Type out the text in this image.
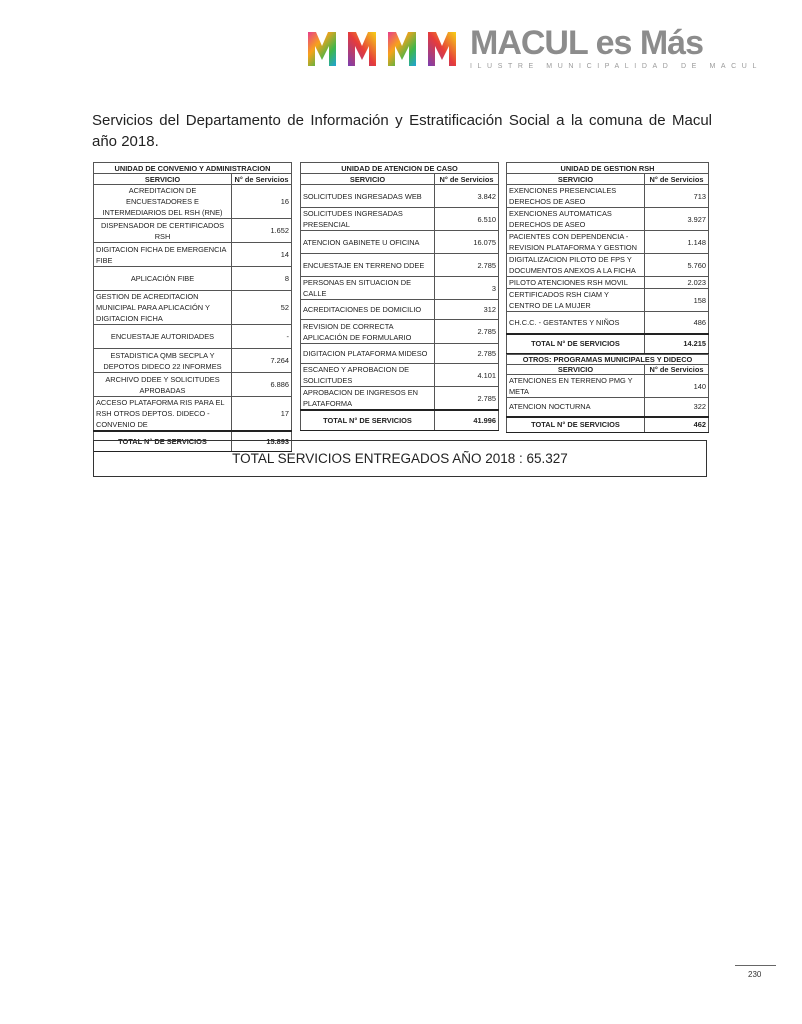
MACUL es Más
ILUSTRE MUNICIPALIDAD DE MACUL
Servicios del Departamento de Información y Estratificación Social a la comuna de Macul año 2018.
UNIDAD DE CONVENIO Y ADMINISTRACION	
SERVICIO	N° de Servicios
ACREDITACION DE ENCUESTADORES E INTERMEDIARIOS DEL RSH (RNE)	16
DISPENSADOR DE CERTIFICADOS RSH	1.652
DIGITACION FICHA DE EMERGENCIA FIBE	14
APLICACIÓN FIBE	8
GESTION DE ACREDITACION MUNICIPAL PARA APLICACIÓN Y DIGITACION FICHA	52
ENCUESTAJE AUTORIDADES	-
ESTADISTICA QMB SECPLA Y DEPOTOS DIDECO 22 INFORMES	7.264
ARCHIVO DDEE Y SOLICITUDES APROBADAS	6.886
ACCESO PLATAFORMA RIS PARA EL RSH OTROS DEPTOS. DIDECO - CONVENIO DE	17
TOTAL N° DE SERVICIOS	15.893
UNIDAD DE ATENCION DE CASO	
SERVICIO	N° de Servicios
SOLICITUDES INGRESADAS WEB	3.842
SOLICITUDES INGRESADAS PRESENCIAL	6.510
ATENCION GABINETE U OFICINA	16.075
ENCUESTAJE EN TERRENO DDEE	2.785
PERSONAS EN SITUACION DE CALLE	3
ACREDITACIONES DE DOMICILIO	312
REVISION DE CORRECTA APLICACIÓN DE FORMULARIO	2.785
DIGITACION PLATAFORMA MIDESO	2.785
ESCANEO Y APROBACION DE SOLICITUDES	4.101
APROBACION DE INGRESOS EN PLATAFORMA	2.785
TOTAL N° DE SERVICIOS	41.996
UNIDAD DE GESTION RSH	
SERVICIO	N° de Servicios
EXENCIONES PRESENCIALES DERECHOS DE ASEO	713
EXENCIONES AUTOMATICAS DERECHOS DE ASEO	3.927
PACIENTES CON DEPENDENCIA - REVISION PLATAFORMA Y GESTION	1.148
DIGITALIZACION PILOTO DE FPS Y DOCUMENTOS ANEXOS A LA FICHA	5.760
PILOTO ATENCIONES RSH MOVIL	2.023
CERTIFICADOS RSH CIAM Y CENTRO DE LA MUJER	158
CH.C.C. - GESTANTES Y NIÑOS	486
TOTAL N° DE SERVICIOS	14.215
OTROS: PROGRAMAS MUNICIPALES Y DIDECO	
SERVICIO	N° de Servicios
ATENCIONES EN TERRENO PMG Y META	140
ATENCION NOCTURNA	322
TOTAL N° DE SERVICIOS	462
TOTAL SERVICIOS ENTREGADOS AÑO 2018 : 65.327
230
